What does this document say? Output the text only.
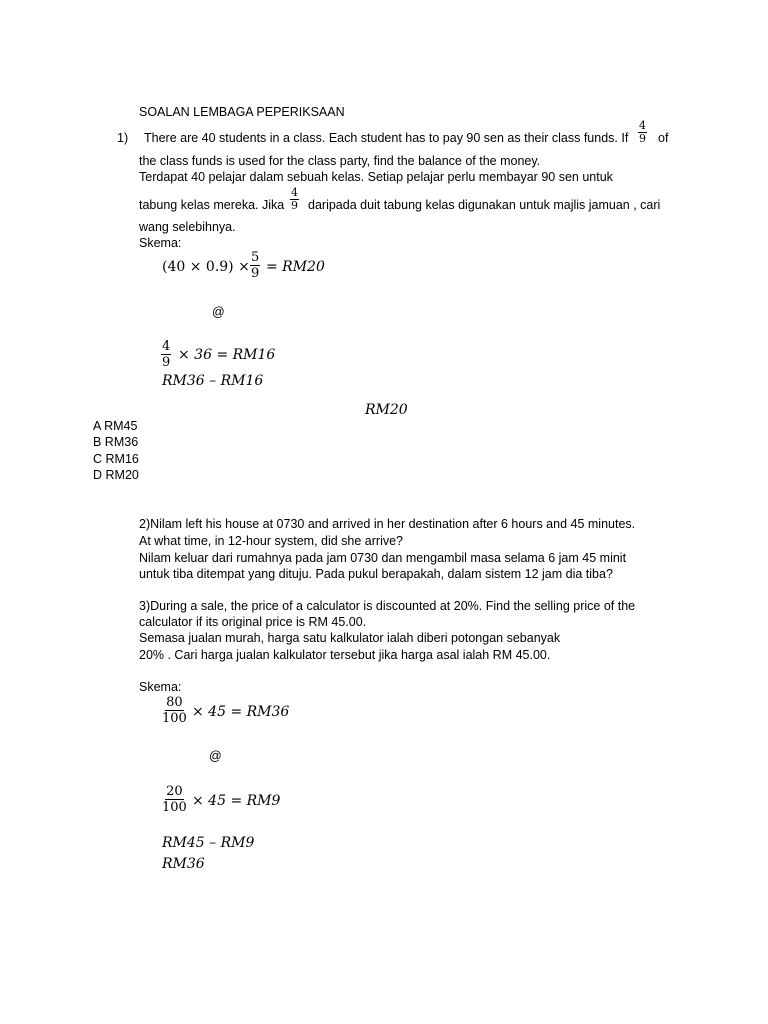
SOALAN LEMBAGA PEPERIKSAAN
1) There are 40 students in a class. Each student has to pay 90 sen as their class funds. If $\frac{4}{9}$ of
the class funds is used for the class party, find the balance of the money.
Terdapat 40 pelajar dalam sebuah kelas. Setiap pelajar perlu membayar 90 sen untuk
tabung kelas mereka. Jika $\frac{4}{9}$ daripada duit tabung kelas digunakan untuk majlis jamuan , cari
wang selebihnya.
Skema:
$(40 \times 0.9) \times \frac{5}{9} = RM20$
@
$\frac{4}{9} \times 36 = RM16$
RM36 – RM16
RM20
A RM45
B RM36
C RM16
D RM20
2)Nilam left his house at 0730 and arrived in her destination after 6 hours and 45 minutes.
At what time, in 12-hour system, did she arrive?
Nilam keluar dari rumahnya pada jam 0730 dan mengambil masa selama 6 jam 45 minit
untuk tiba ditempat yang dituju. Pada pukul berapakah, dalam sistem 12 jam dia tiba?
3)During a sale, the price of a calculator is discounted at 20%. Find the selling price of the
calculator if its original price is RM 45.00.
Semasa jualan murah, harga satu kalkulator ialah diberi potongan sebanyak
20% . Cari harga jualan kalkulator tersebut jika harga asal ialah RM 45.00.
Skema:
$\frac{80}{100} \times 45 = RM36$
@
$\frac{20}{100} \times 45 = RM9$
RM45 – RM9
RM36
